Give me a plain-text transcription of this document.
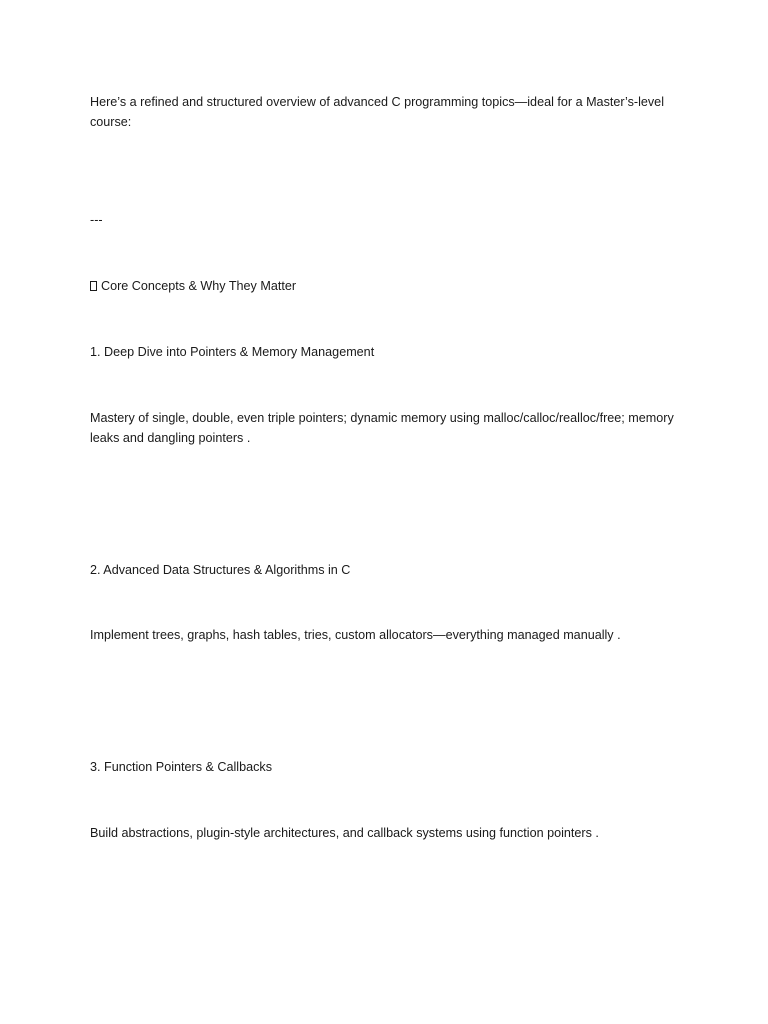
Here’s a refined and structured overview of advanced C programming topics—ideal for a Master’s-level course:

---

Core Concepts & Why They Matter

1. Deep Dive into Pointers & Memory Management

Mastery of single, double, even triple pointers; dynamic memory using malloc/calloc/realloc/free; memory leaks and dangling pointers .

2. Advanced Data Structures & Algorithms in C

Implement trees, graphs, hash tables, tries, custom allocators—everything managed manually .

3. Function Pointers & Callbacks

Build abstractions, plugin-style architectures, and callback systems using function pointers .
